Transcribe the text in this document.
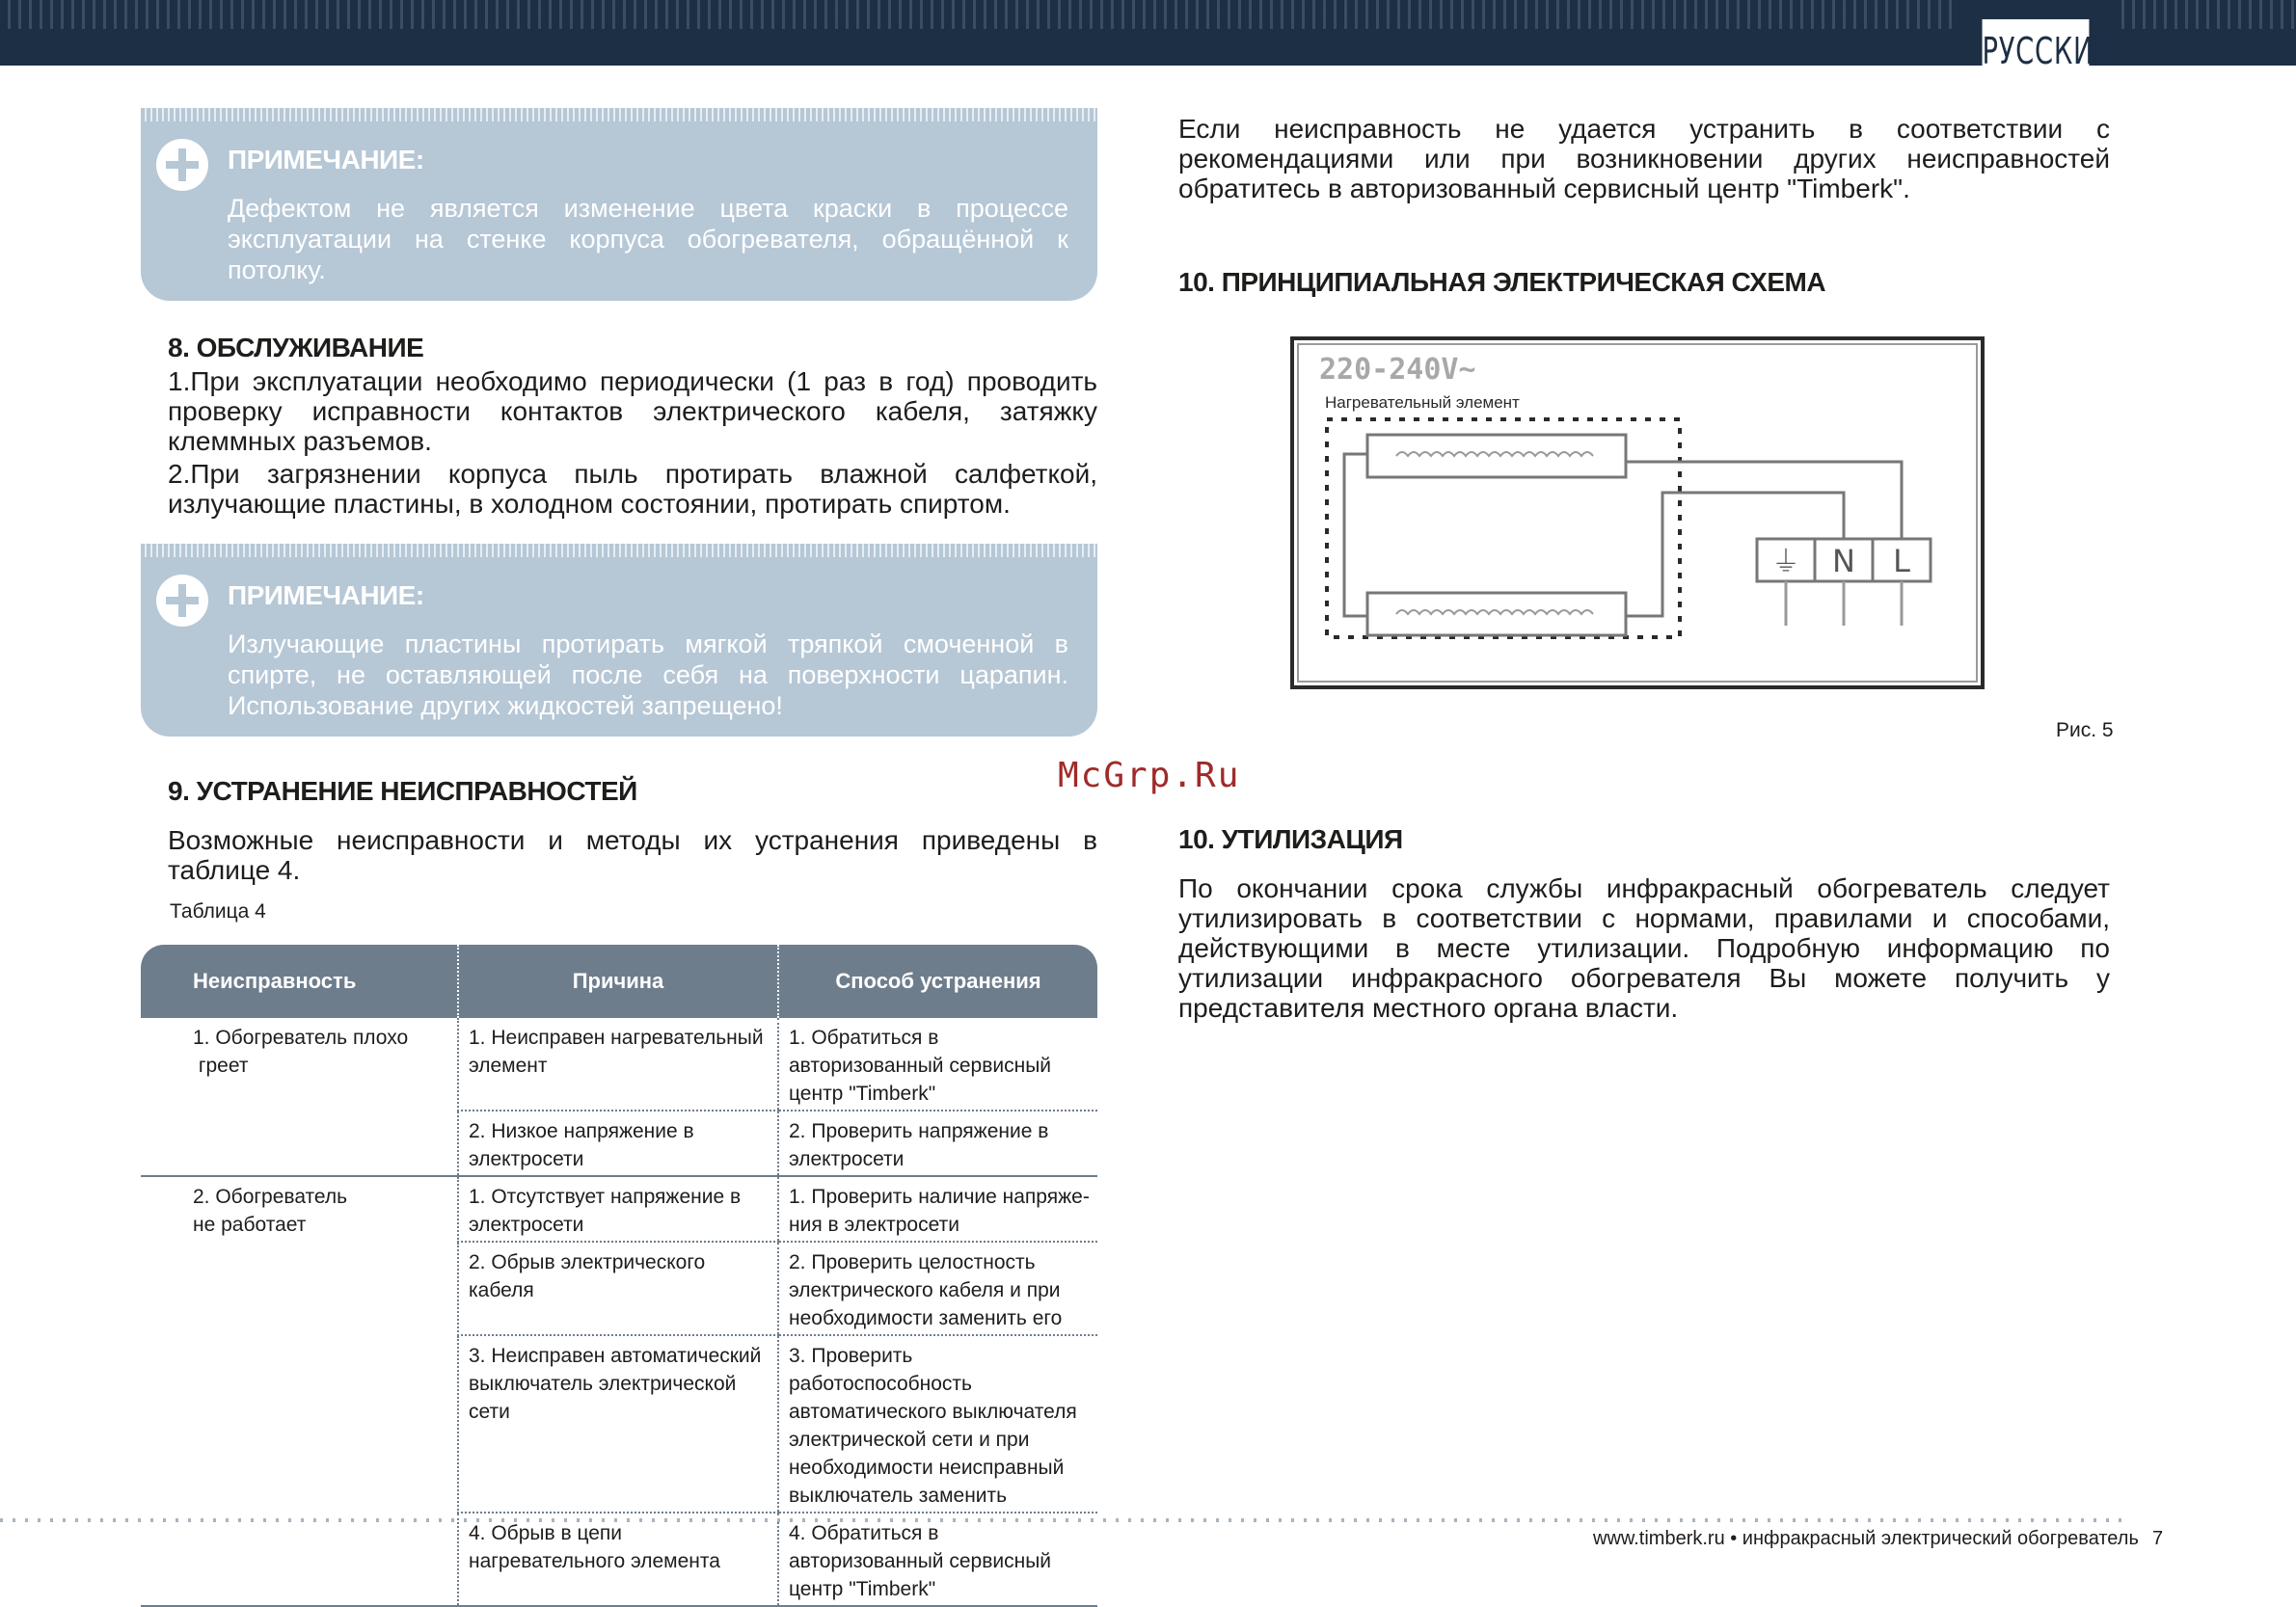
РУССКИЙ
ПРИМЕЧАНИЕ:
Дефектом не является изменение цвета краски в процессе эксплуатации на стенке корпуса обогревателя, обращённой к потолку.
8. ОБСЛУЖИВАНИЕ
1.При эксплуатации необходимо периодически (1 раз в год) проводить проверку исправности контактов электрического кабеля, затяжку клеммных разъемов.
2.При загрязнении корпуса пыль протирать влажной салфеткой, излучающие пластины, в холодном состоянии, протирать спиртом.
ПРИМЕЧАНИЕ:
Излучающие пластины протирать мягкой тряпкой смоченной в спирте, не оставляющей после себя на поверхности царапин. Использование других жидкостей запрещено!
9. УСТРАНЕНИЕ НЕИСПРАВНОСТЕЙ
Возможные неисправности и методы их устранения приведены в таблице 4.
Таблица 4
Неисправность	Причина	Способ устранения

1. Обогреватель плохо
греет	1. Неисправен нагревательный элемент	1. Обратиться в авторизованный сервисный центр "Timberk"
	2. Низкое напряжение в электросети	2. Проверить напряжение в электросети

2. Обогреватель
не работает	1. Отсутствует напряжение в электросети	1. Проверить наличие напряже-ния в электросети
	2. Обрыв электрического кабеля	2. Проверить целостность электрического кабеля и при необходимости заменить его
	3. Неисправен автоматический выключатель электрической сети	3. Проверить работоспособность автоматического выключателя электрической сети и при необходимости неисправный выключатель заменить
	4. Обрыв в цепи нагревательного элемента	4. Обратиться в авторизованный сервисный центр "Timberk"
Если неисправность не удается устранить в соответствии с рекомендациями или при возникновении других неисправностей обратитесь в авторизованный сервисный центр "Timberk".
10. ПРИНЦИПИАЛЬНАЯ ЭЛЕКТРИЧЕСКАЯ СХЕМА
220-240V~
Нагревательный элемент
⏚ N L
Рис. 5
10. УТИЛИЗАЦИЯ
По окончании срока службы инфракрасный обогреватель следует утилизировать в соответствии с нормами, правилами и способами, действующими в месте утилизации. Подробную информацию по утилизации инфракрасного обогревателя Вы можете получить у представителя местного органа власти.
McGrp.Ru
www.timberk.ru • инфракрасный электрический обогреватель 7
